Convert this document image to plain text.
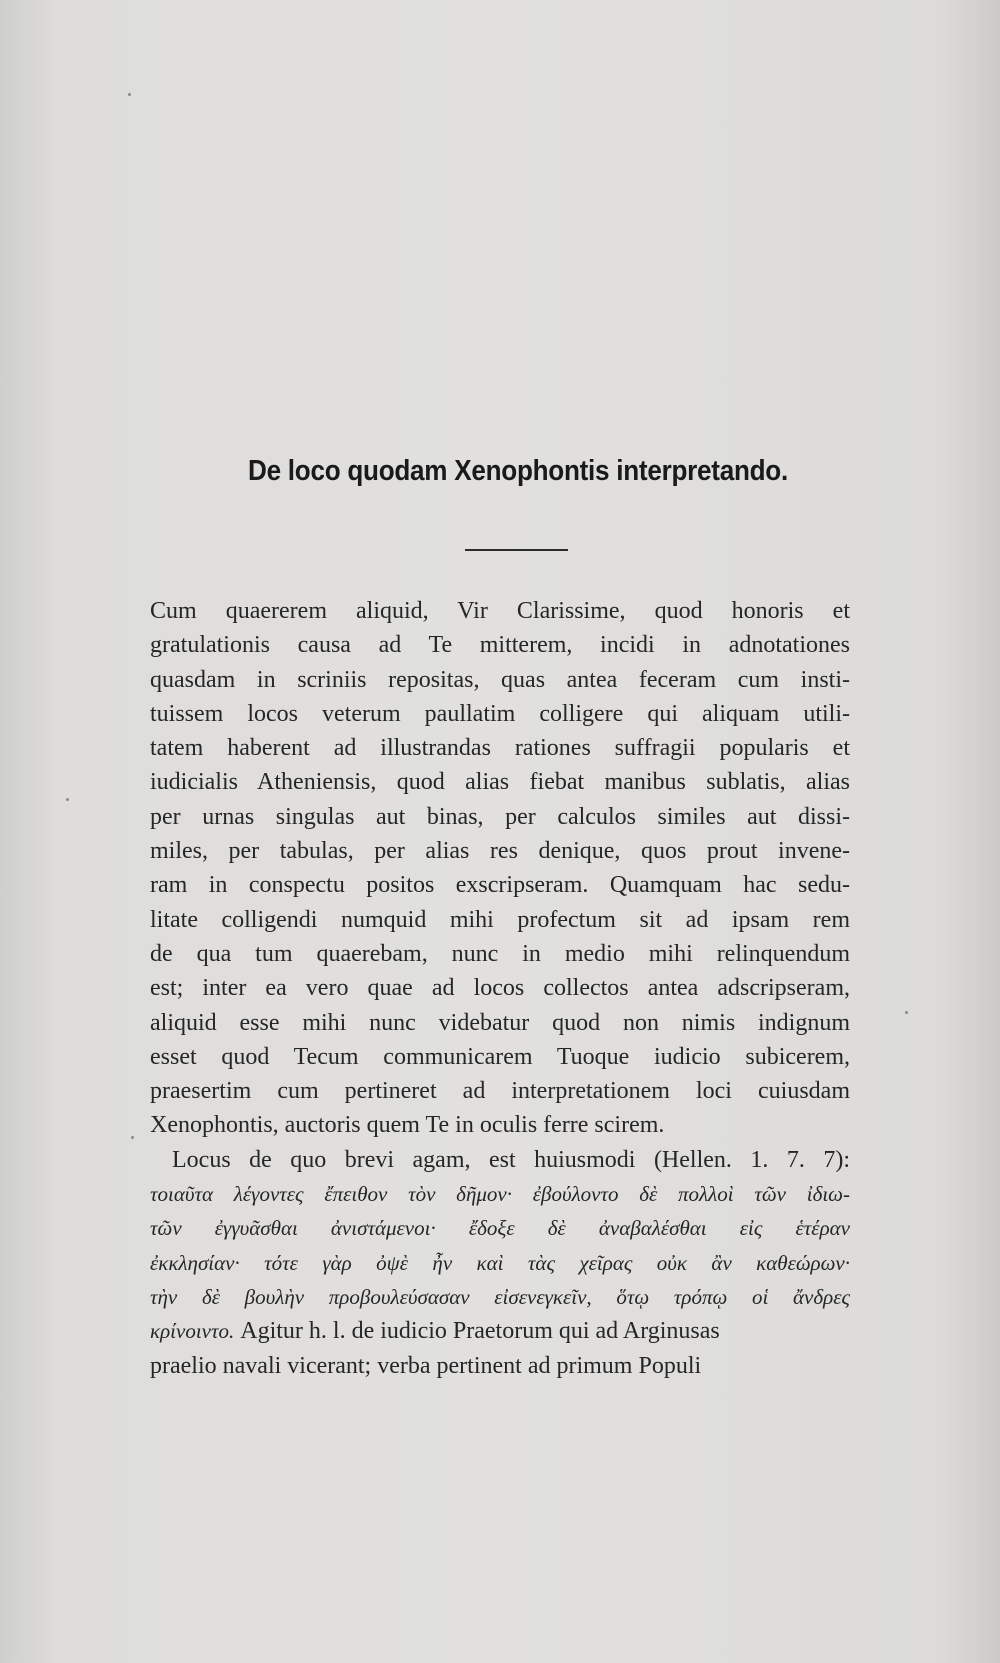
De loco quodam Xenophontis interpretando.
Cum quaererem aliquid, Vir Clarissime, quod honoris et
gratulationis causa ad Te mitterem, incidi in adnotationes
quasdam in scriniis repositas, quas antea feceram cum insti-
tuissem locos veterum paullatim colligere qui aliquam utili-
tatem haberent ad illustrandas rationes suffragii popularis et
iudicialis Atheniensis, quod alias fiebat manibus sublatis, alias
per urnas singulas aut binas, per calculos similes aut dissi-
miles, per tabulas, per alias res denique, quos prout invene-
ram in conspectu positos exscripseram. Quamquam hac sedu-
litate colligendi numquid mihi profectum sit ad ipsam rem
de qua tum quaerebam, nunc in medio mihi relinquendum
est; inter ea vero quae ad locos collectos antea adscripseram,
aliquid esse mihi nunc videbatur quod non nimis indignum
esset quod Tecum communicarem Tuoque iudicio subicerem,
praesertim cum pertineret ad interpretationem loci cuiusdam
Xenophontis, auctoris quem Te in oculis ferre scirem.
Locus de quo brevi agam, est huiusmodi (Hellen. 1. 7. 7):
τοιαῦτα λέγοντες ἔπειθον τὸν δῆμον· ἐβούλοντο δὲ πολλοὶ τῶν ἰδιω-
τῶν ἐγγυᾶσθαι ἀνιστάμενοι· ἔδοξε δὲ ἀναβαλέσθαι εἰς ἑτέραν
ἐκκλησίαν· τότε γὰρ ὀψὲ ἦν καὶ τὰς χεῖρας οὐκ ἂν καθεώρων·
τὴν δὲ βουλὴν προβουλεύσασαν εἰσενεγκεῖν, ὅτῳ τρόπῳ οἱ ἄνδρες
κρίνοιντο. Agitur h. l. de iudicio Praetorum qui ad Arginusas
praelio navali vicerant; verba pertinent ad primum Populi
